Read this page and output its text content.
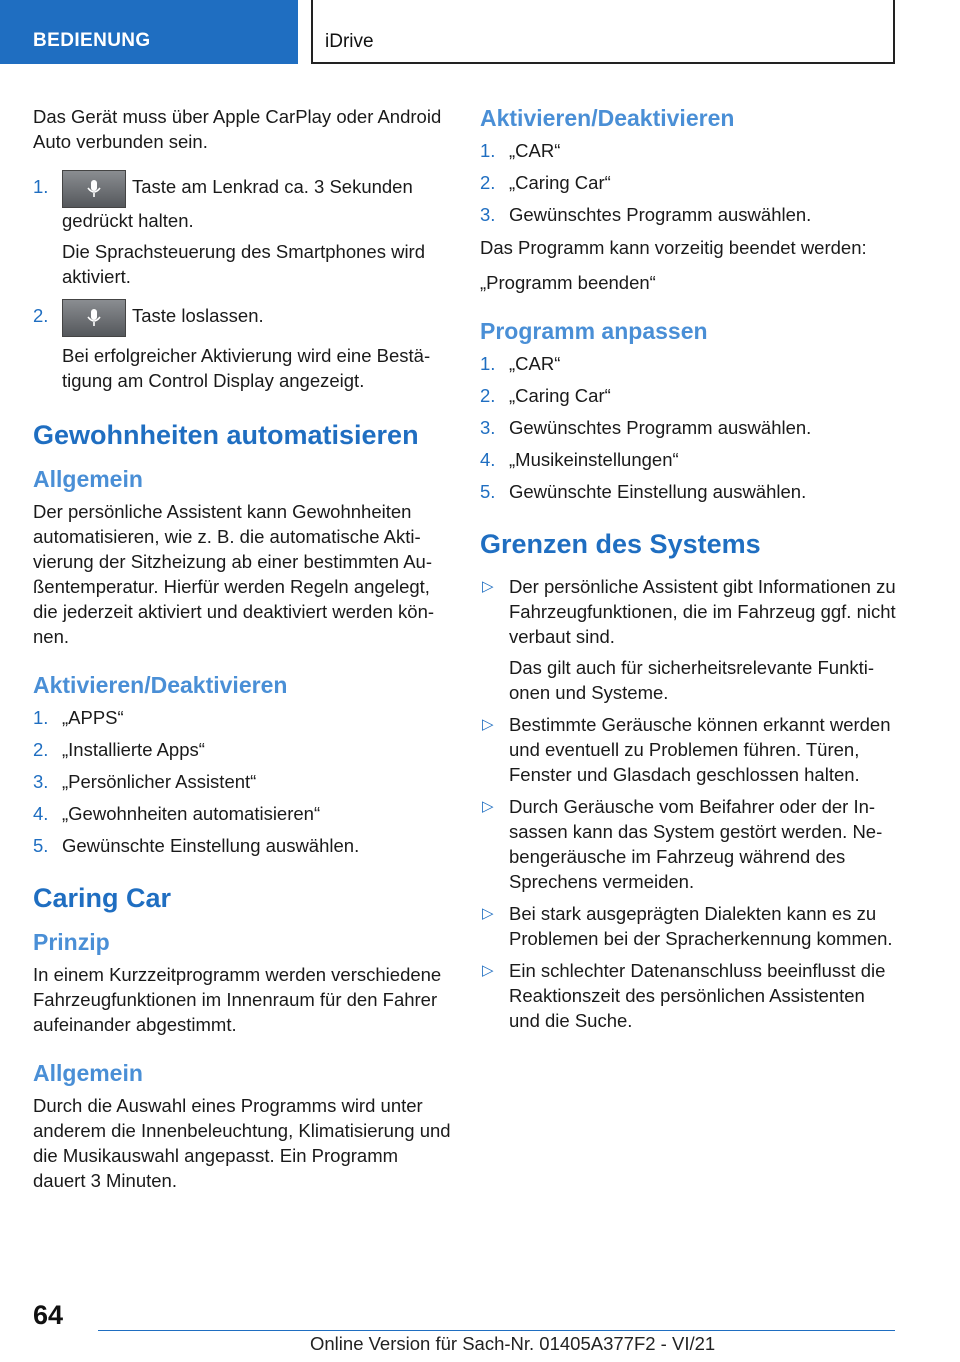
BEDIENUNG	iDrive

Das Gerät muss über Apple CarPlay oder Android Auto verbunden sein.

1.	Taste am Lenkrad ca. 3 Sekunden gedrückt halten.
Die Sprachsteuerung des Smartphones wird aktiviert.
2.	Taste loslassen.
Bei erfolgreicher Aktivierung wird eine Bestätigung am Control Display angezeigt.
Gewohnheiten automatisieren
Allgemein

Der persönliche Assistent kann Gewohnheiten automatisieren, wie z. B. die automatische Aktivierung der Sitzheizung ab einer bestimmten Außentemperatur. Hierfür werden Regeln angelegt, die jederzeit aktiviert und deaktiviert werden können.

Aktivieren/Deaktivieren
1. „APPS“
2. „Installierte Apps“
3. „Persönlicher Assistent“
4. „Gewohnheiten automatisieren“
5. Gewünschte Einstellung auswählen.
Caring Car
Prinzip

In einem Kurzzeitprogramm werden verschiedene Fahrzeugfunktionen im Innenraum für den Fahrer aufeinander abgestimmt.

Allgemein

Durch die Auswahl eines Programms wird unter anderem die Innenbeleuchtung, Klimatisierung und die Musikauswahl angepasst. Ein Programm dauert 3 Minuten.

Aktivieren/Deaktivieren
1. „CAR“
2. „Caring Car“
3. Gewünschtes Programm auswählen.

Das Programm kann vorzeitig beendet werden:

„Programm beenden“

Programm anpassen
1. „CAR“
2. „Caring Car“
3. Gewünschtes Programm auswählen.
4. „Musikeinstellungen“
5. Gewünschte Einstellung auswählen.
Grenzen des Systems
▷ Der persönliche Assistent gibt Informationen zu Fahrzeugfunktionen, die im Fahrzeug ggf. nicht verbaut sind.
Das gilt auch für sicherheitsrelevante Funktionen und Systeme.
▷ Bestimmte Geräusche können erkannt werden und eventuell zu Problemen führen. Türen, Fenster und Glasdach geschlossen halten.
▷ Durch Geräusche vom Beifahrer oder der Insassen kann das System gestört werden. Nebengeräusche im Fahrzeug während des Sprechens vermeiden.
▷ Bei stark ausgeprägten Dialekten kann es zu Problemen bei der Spracherkennung kommen.
▷ Ein schlechter Datenanschluss beeinflusst die Reaktionszeit des persönlichen Assistenten und die Suche.
64
Online Version für Sach-Nr. 01405A377F2 - VI/21
